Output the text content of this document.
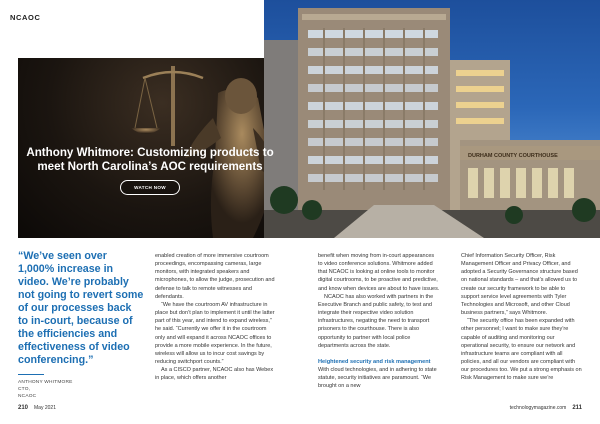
NCAOC
DURHAM COUNTY COURTHOUSE
Anthony Whitmore: Customizing products to meet North Carolina’s AOC requirements
WATCH NOW
“We’ve seen over 1,000% increase in video. We’re probably not going to revert some of our processes back to in-court, because of the efficiencies and effectiveness of video conferencing.”
ANTHONY WHITMORE
CTO,
NCAOC

enabled creation of more immersive courtroom proceedings, encompassing cameras, large monitors, with integrated speakers and microphones, to allow the judge, prosecution and defense to talk to remote witnesses and defendants.

“We have the courtroom AV infrastructure in place but don’t plan to implement it until the latter part of this year, and intend to expand wireless,” he said. “Currently we offer it in the courtroom only and will expand it across NCAOC offices to provide a more mobile experience. In the future, wireless will allow us to incur cost savings by reducing switchport counts.”

As a CISCO partner, NCAOC also has Webex in place, which offers another

benefit when moving from in-court appearances to video conference solutions. Whitmore added that NCAOC is looking at online tools to monitor digital courtrooms, to be proactive and predictive, and know when devices are about to have issues.

NCAOC has also worked with partners in the Executive Branch and public safety, to test and integrate their respective video solution infrastructures, negating the need to transport prisoners to the courthouse. There is also opportunity to partner with local police departments across the state.

Heightened security and risk management

With cloud technologies, and in adhering to state statute, security initiatives are paramount. “We brought on a new

Chief Information Security Officer, Risk Management Officer and Privacy Officer, and adopted a Security Governance structure based on national standards – and that’s allowed us to create our security framework to be able to support service level agreements with Tyler Technologies and Microsoft, and other Cloud business partners,” says Whitmore.

“The security office has been expanded with other personnel; I want to make sure they’re capable of auditing and monitoring our operational security, to ensure our network and infrastructure teams are compliant with all policies, and all our vendors are compliant with our procedures too. We put a strong emphasis on Risk Management to make sure we’re

210 May 2021	technologymagazine.com 211
